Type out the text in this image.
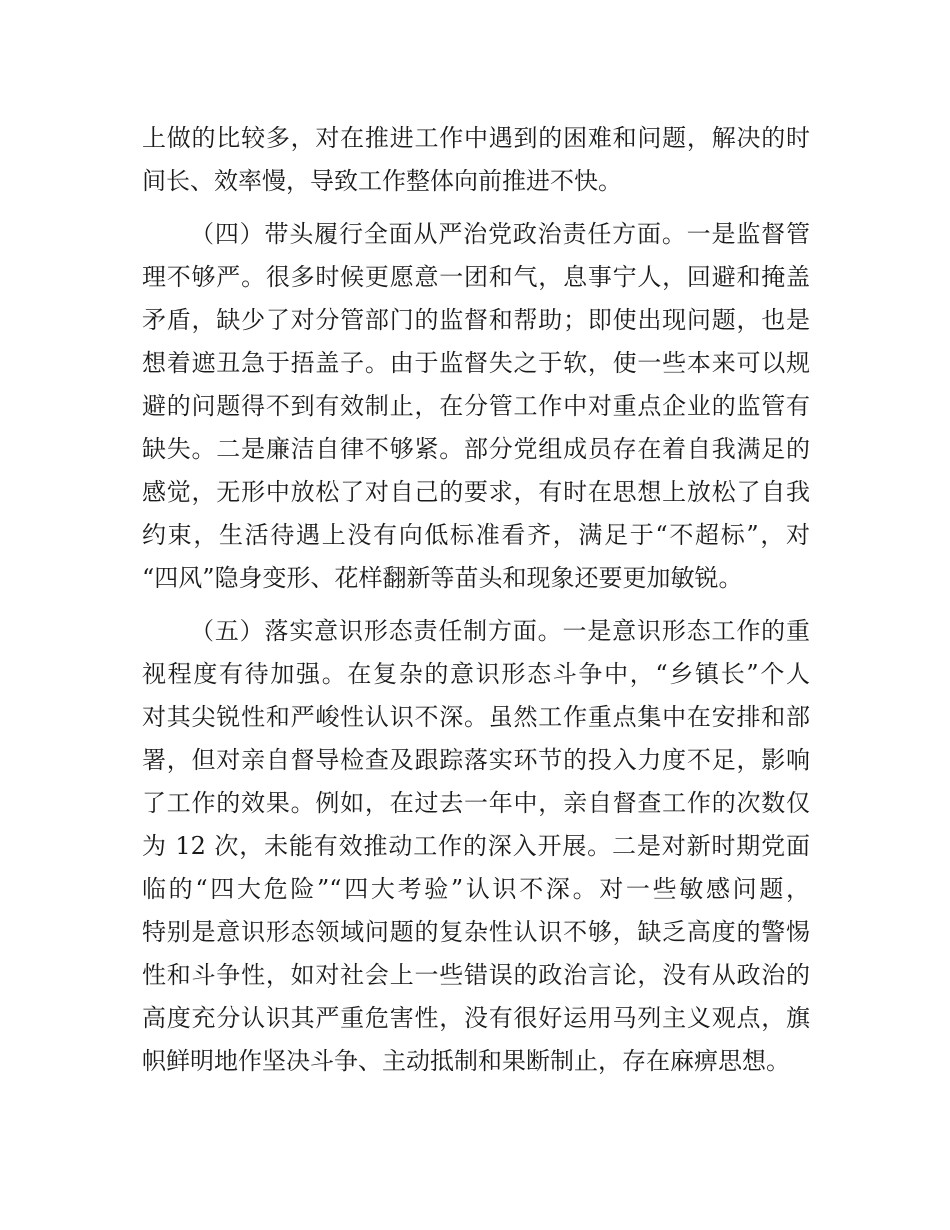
上做的比较多，对在推进工作中遇到的困难和问题，解决的时
间长、效率慢，导致工作整体向前推进不快。
（四）带头履行全面从严治党政治责任方面。一是监督管
理不够严。很多时候更愿意一团和气，息事宁人，回避和掩盖
矛盾，缺少了对分管部门的监督和帮助；即使出现问题，也是
想着遮丑急于捂盖子。由于监督失之于软，使一些本来可以规
避的问题得不到有效制止，在分管工作中对重点企业的监管有
缺失。二是廉洁自律不够紧。部分党组成员存在着自我满足的
感觉，无形中放松了对自己的要求，有时在思想上放松了自我
约束，生活待遇上没有向低标准看齐，满足于“不超标”，对
“四风”隐身变形、花样翻新等苗头和现象还要更加敏锐。
（五）落实意识形态责任制方面。一是意识形态工作的重
视程度有待加强。在复杂的意识形态斗争中，“乡镇长”个人
对其尖锐性和严峻性认识不深。虽然工作重点集中在安排和部
署，但对亲自督导检查及跟踪落实环节的投入力度不足，影响
了工作的效果。例如，在过去一年中，亲自督查工作的次数仅
为 12 次，未能有效推动工作的深入开展。二是对新时期党面
临的“四大危险”“四大考验”认识不深。对一些敏感问题，
特别是意识形态领域问题的复杂性认识不够，缺乏高度的警惕
性和斗争性，如对社会上一些错误的政治言论，没有从政治的
高度充分认识其严重危害性，没有很好运用马列主义观点，旗
帜鲜明地作坚决斗争、主动抵制和果断制止，存在麻痹思想。
